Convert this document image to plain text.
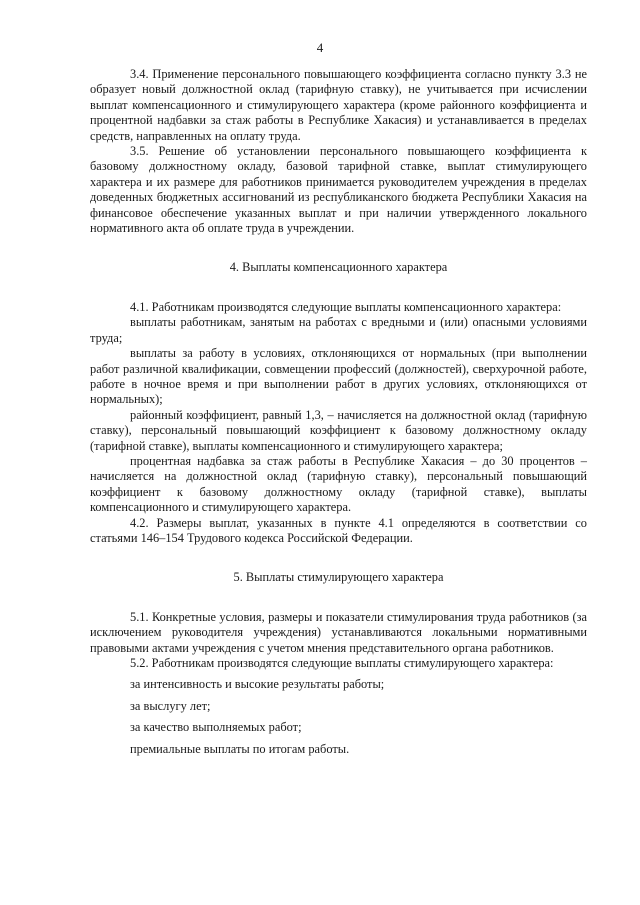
4

3.4. Применение персонального повышающего коэффициента согласно пункту 3.3 не образует новый должностной оклад (тарифную ставку), не учитывается при исчислении выплат компенсационного и стимулирующего характера (кроме районного коэффициента и процентной надбавки за стаж работы в Республике Хакасия) и устанавливается в пределах средств, направленных на оплату труда.

3.5. Решение об установлении персонального повышающего коэффициента к базовому должностному окладу, базовой тарифной ставке, выплат стимулирующего характера и их размере для работников принимается руководителем учреждения в пределах доведенных бюджетных ассигнований из республиканского бюджета Республики Хакасия на финансовое обеспечение указанных выплат и при наличии утвержденного локального нормативного акта об оплате труда в учреждении.

4. Выплаты компенсационного характера

4.1. Работникам производятся следующие выплаты компенсационного характера:

выплаты работникам, занятым на работах с вредными и (или) опасными условиями труда;

выплаты за работу в условиях, отклоняющихся от нормальных (при выполнении работ различной квалификации, совмещении профессий (должностей), сверхурочной работе, работе в ночное время и при выполнении работ в других условиях, отклоняющихся от нормальных);

районный коэффициент, равный 1,3, – начисляется на должностной оклад (тарифную ставку), персональный повышающий коэффициент к базовому должностному окладу (тарифной ставке), выплаты компенсационного и стимулирующего характера;

процентная надбавка за стаж работы в Республике Хакасия – до 30 процентов – начисляется на должностной оклад (тарифную ставку), персональный повышающий коэффициент к базовому должностному окладу (тарифной ставке), выплаты компенсационного и стимулирующего характера.

4.2. Размеры выплат, указанных в пункте 4.1 определяются в соответствии со статьями 146–154 Трудового кодекса Российской Федерации.

5. Выплаты стимулирующего характера

5.1. Конкретные условия, размеры и показатели стимулирования труда работников (за исключением руководителя учреждения) устанавливаются локальными нормативными правовыми актами учреждения с учетом мнения представительного органа работников.

5.2. Работникам производятся следующие выплаты стимулирующего характера:

за интенсивность и высокие результаты работы;

за выслугу лет;

за качество выполняемых работ;

премиальные выплаты по итогам работы.
